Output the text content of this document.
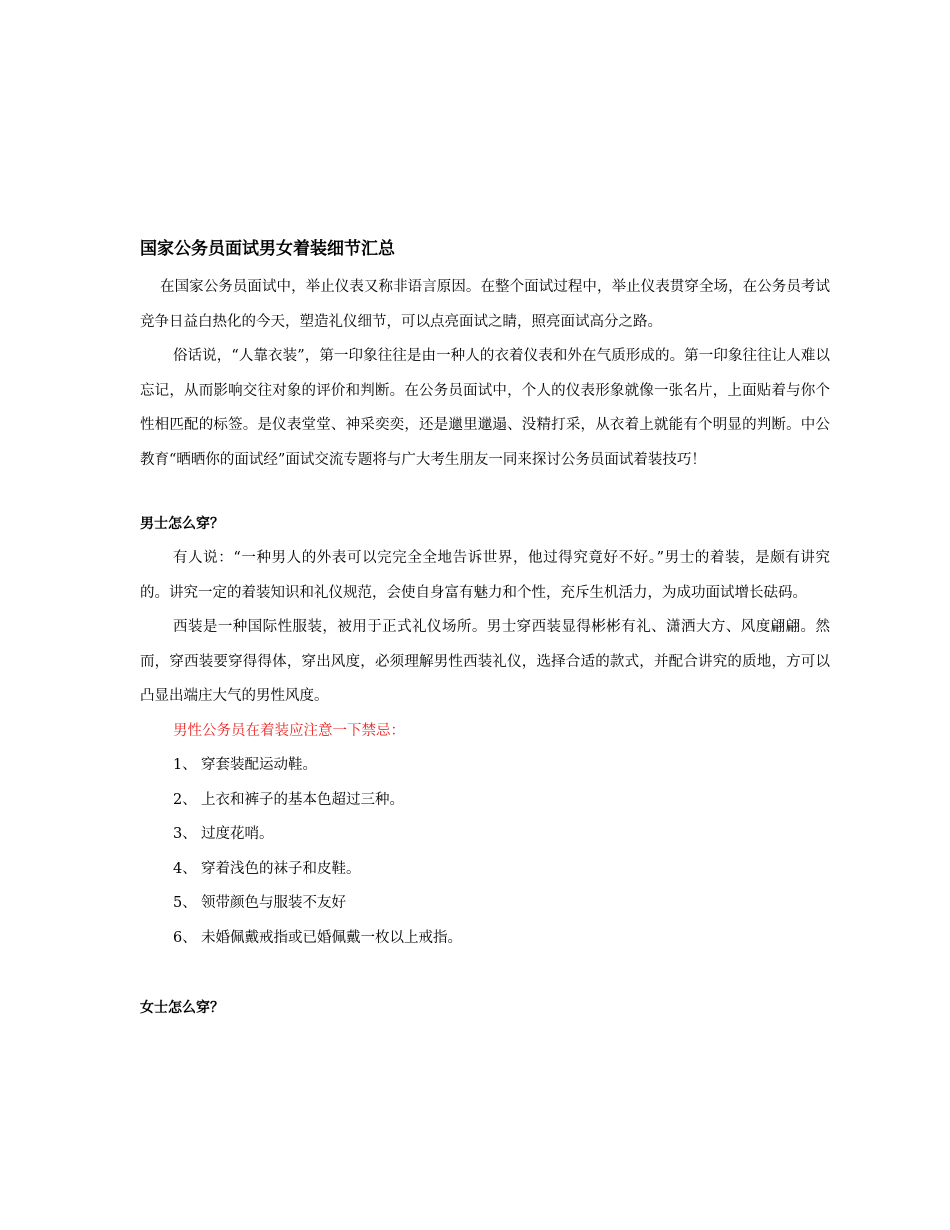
国家公务员面试男女着装细节汇总

在国家公务员面试中，举止仪表又称非语言原因。在整个面试过程中，举止仪表贯穿全场，在公务员考试竞争日益白热化的今天，塑造礼仪细节，可以点亮面试之睛，照亮面试高分之路。

俗话说，“人靠衣装”，第一印象往往是由一种人的衣着仪表和外在气质形成的。第一印象往往让人难以忘记，从而影响交往对象的评价和判断。在公务员面试中，个人的仪表形象就像一张名片，上面贴着与你个性相匹配的标签。是仪表堂堂、神采奕奕，还是邋里邋遢、没精打采，从衣着上就能有个明显的判断。中公教育“晒晒你的面试经”面试交流专题将与广大考生朋友一同来探讨公务员面试着装技巧！

男士怎么穿？

有人说：“一种男人的外表可以完完全全地告诉世界，他过得究竟好不好。”男士的着装，是颇有讲究的。讲究一定的着装知识和礼仪规范，会使自身富有魅力和个性，充斥生机活力，为成功面试增长砝码。

西装是一种国际性服装，被用于正式礼仪场所。男士穿西装显得彬彬有礼、潇洒大方、风度翩翩。然而，穿西装要穿得得体，穿出风度，必须理解男性西装礼仪，选择合适的款式，并配合讲究的质地，方可以凸显出端庄大气的男性风度。

男性公务员在着装应注意一下禁忌：

1、 穿套装配运动鞋。
2、 上衣和裤子的基本色超过三种。
3、 过度花哨。
4、 穿着浅色的袜子和皮鞋。
5、 领带颜色与服装不友好
6、 未婚佩戴戒指或已婚佩戴一枚以上戒指。
女士怎么穿？
